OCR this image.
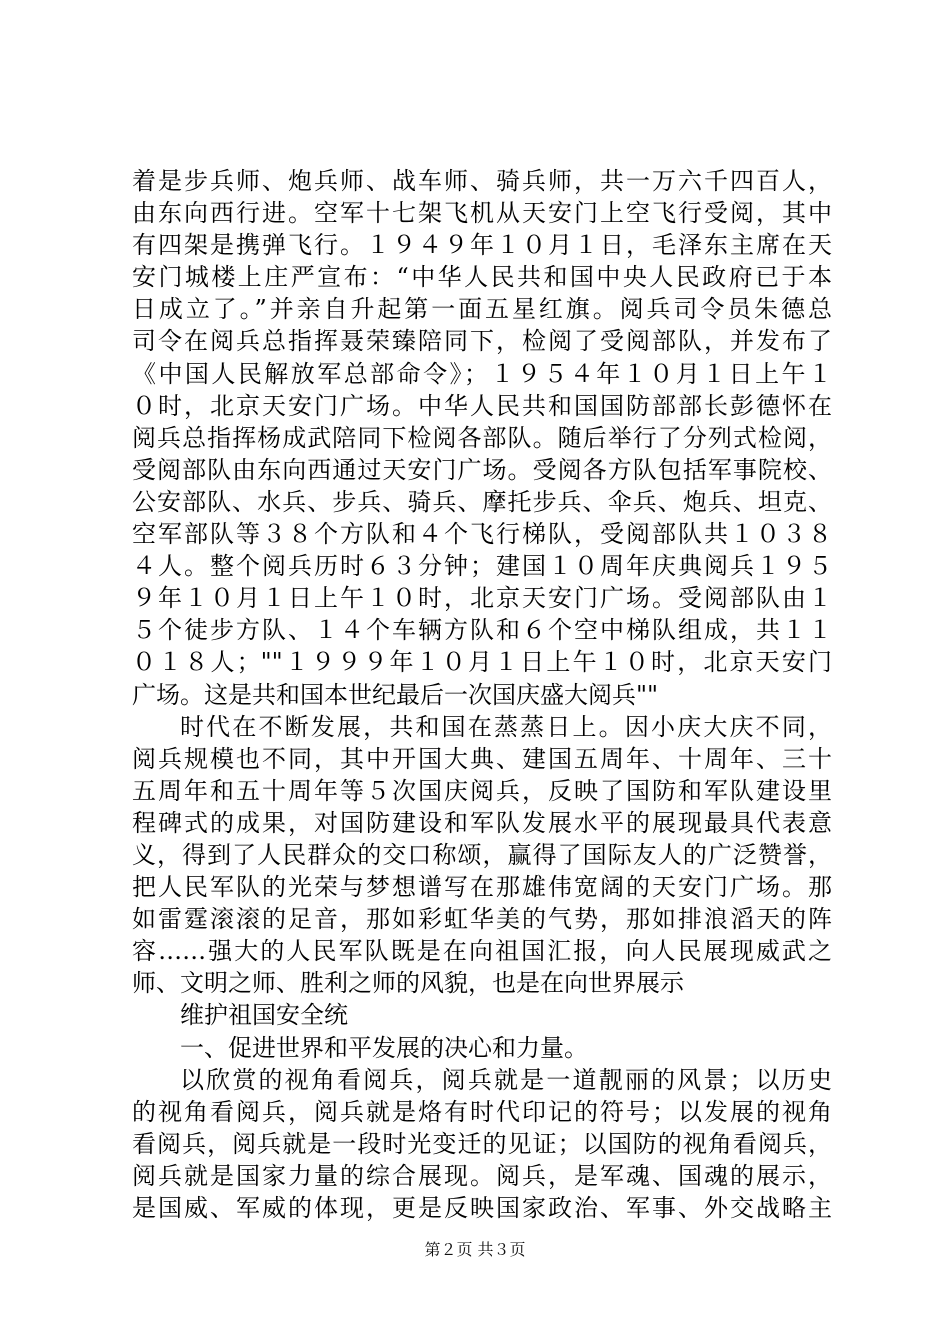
着是步兵师、炮兵师、战车师、骑兵师，共一万六千四百人，
由东向西行进。空军十七架飞机从天安门上空飞行受阅，其中
有四架是携弹飞行。１９４９年１０月１日，毛泽东主席在天
安门城楼上庄严宣布：“中华人民共和国中央人民政府已于本
日成立了。”并亲自升起第一面五星红旗。阅兵司令员朱德总
司令在阅兵总指挥聂荣臻陪同下，检阅了受阅部队，并发布了
《中国人民解放军总部命令》；１９５４年１０月１日上午１
０时，北京天安门广场。中华人民共和国国防部部长彭德怀在
阅兵总指挥杨成武陪同下检阅各部队。随后举行了分列式检阅，
受阅部队由东向西通过天安门广场。受阅各方队包括军事院校、
公安部队、水兵、步兵、骑兵、摩托步兵、伞兵、炮兵、坦克、
空军部队等３８个方队和４个飞行梯队，受阅部队共１０３８
４人。整个阅兵历时６３分钟；建国１０周年庆典阅兵１９５
９年１０月１日上午１０时，北京天安门广场。受阅部队由１
５个徒步方队、１４个车辆方队和６个空中梯队组成，共１１
０１８人；""１９９９年１０月１日上午１０时，北京天安门
广场。这是共和国本世纪最后一次国庆盛大阅兵""
时代在不断发展，共和国在蒸蒸日上。因小庆大庆不同，
阅兵规模也不同，其中开国大典、建国五周年、十周年、三十
五周年和五十周年等５次国庆阅兵，反映了国防和军队建设里
程碑式的成果，对国防建设和军队发展水平的展现最具代表意
义，得到了人民群众的交口称颂，赢得了国际友人的广泛赞誉，
把人民军队的光荣与梦想谱写在那雄伟宽阔的天安门广场。那
如雷霆滚滚的足音，那如彩虹华美的气势，那如排浪滔天的阵
容……强大的人民军队既是在向祖国汇报，向人民展现威武之
师、文明之师、胜利之师的风貌，也是在向世界展示
维护祖国安全统
一、促进世界和平发展的决心和力量。
以欣赏的视角看阅兵，阅兵就是一道靓丽的风景；以历史
的视角看阅兵，阅兵就是烙有时代印记的符号；以发展的视角
看阅兵，阅兵就是一段时光变迁的见证；以国防的视角看阅兵，
阅兵就是国家力量的综合展现。阅兵，是军魂、国魂的展示，
是国威、军威的体现，更是反映国家政治、军事、外交战略主
第２页 共３页
